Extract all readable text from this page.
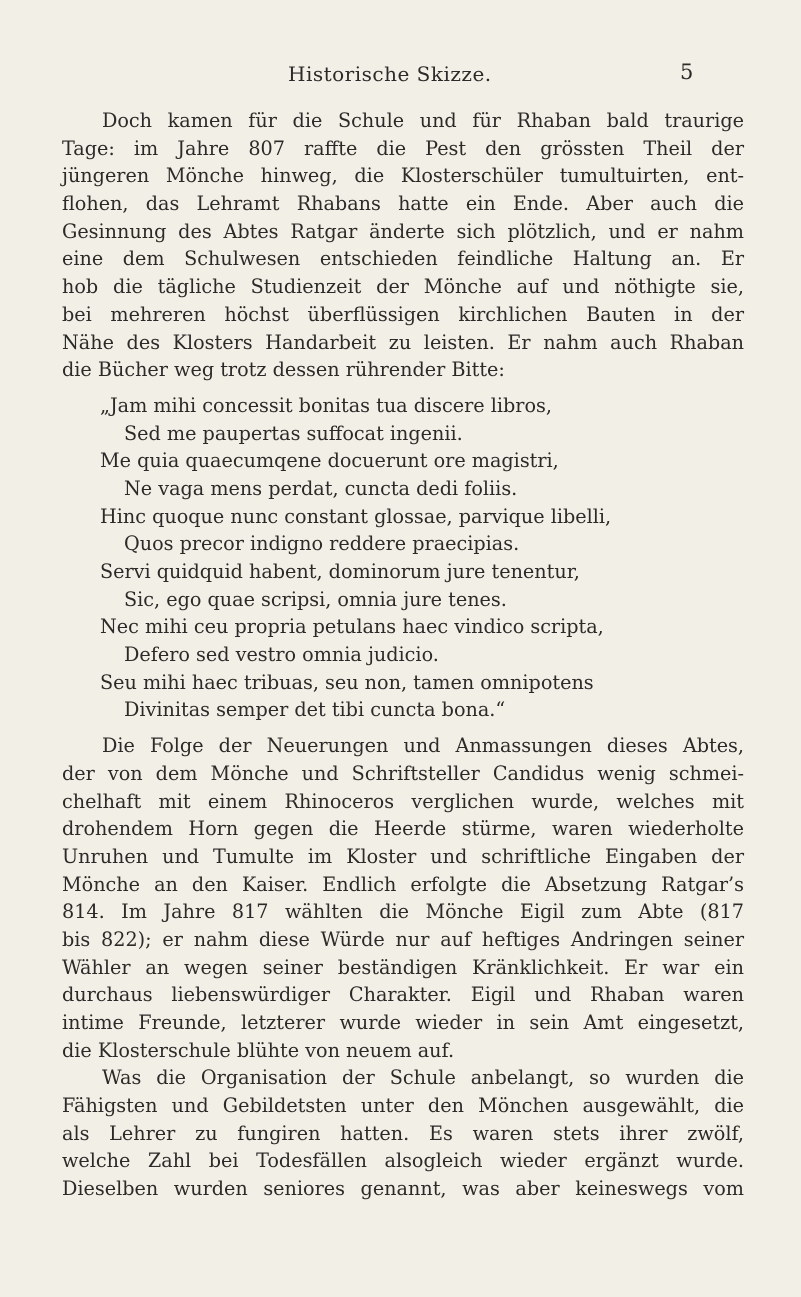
Historische Skizze.	5
Doch kamen für die Schule und für Rhaban bald traurige
Tage: im Jahre 807 raffte die Pest den grössten Theil der
jüngeren Mönche hinweg, die Klosterschüler tumultuirten, ent-
flohen, das Lehramt Rhabans hatte ein Ende. Aber auch die
Gesinnung des Abtes Ratgar änderte sich plötzlich, und er nahm
eine dem Schulwesen entschieden feindliche Haltung an. Er
hob die tägliche Studienzeit der Mönche auf und nöthigte sie,
bei mehreren höchst überflüssigen kirchlichen Bauten in der
Nähe des Klosters Handarbeit zu leisten. Er nahm auch Rhaban
die Bücher weg trotz dessen rührender Bitte:
„Jam mihi concessit bonitas tua discere libros,
Sed me paupertas suffocat ingenii.
Me quia quaecumqene docuerunt ore magistri,
Ne vaga mens perdat, cuncta dedi foliis.
Hinc quoque nunc constant glossae, parvique libelli,
Quos precor indigno reddere praecipias.
Servi quidquid habent, dominorum jure tenentur,
Sic, ego quae scripsi, omnia jure tenes.
Nec mihi ceu propria petulans haec vindico scripta,
Defero sed vestro omnia judicio.
Seu mihi haec tribuas, seu non, tamen omnipotens
Divinitas semper det tibi cuncta bona.“
Die Folge der Neuerungen und Anmassungen dieses Abtes,
der von dem Mönche und Schriftsteller Candidus wenig schmei-
chelhaft mit einem Rhinoceros verglichen wurde, welches mit
drohendem Horn gegen die Heerde stürme, waren wiederholte
Unruhen und Tumulte im Kloster und schriftliche Eingaben der
Mönche an den Kaiser. Endlich erfolgte die Absetzung Ratgar’s
814. Im Jahre 817 wählten die Mönche Eigil zum Abte (817
bis 822); er nahm diese Würde nur auf heftiges Andringen seiner
Wähler an wegen seiner beständigen Kränklichkeit. Er war ein
durchaus liebenswürdiger Charakter. Eigil und Rhaban waren
intime Freunde, letzterer wurde wieder in sein Amt eingesetzt,
die Klosterschule blühte von neuem auf.
Was die Organisation der Schule anbelangt, so wurden die
Fähigsten und Gebildetsten unter den Mönchen ausgewählt, die
als Lehrer zu fungiren hatten. Es waren stets ihrer zwölf,
welche Zahl bei Todesfällen alsogleich wieder ergänzt wurde.
Dieselben wurden seniores genannt, was aber keineswegs vom
